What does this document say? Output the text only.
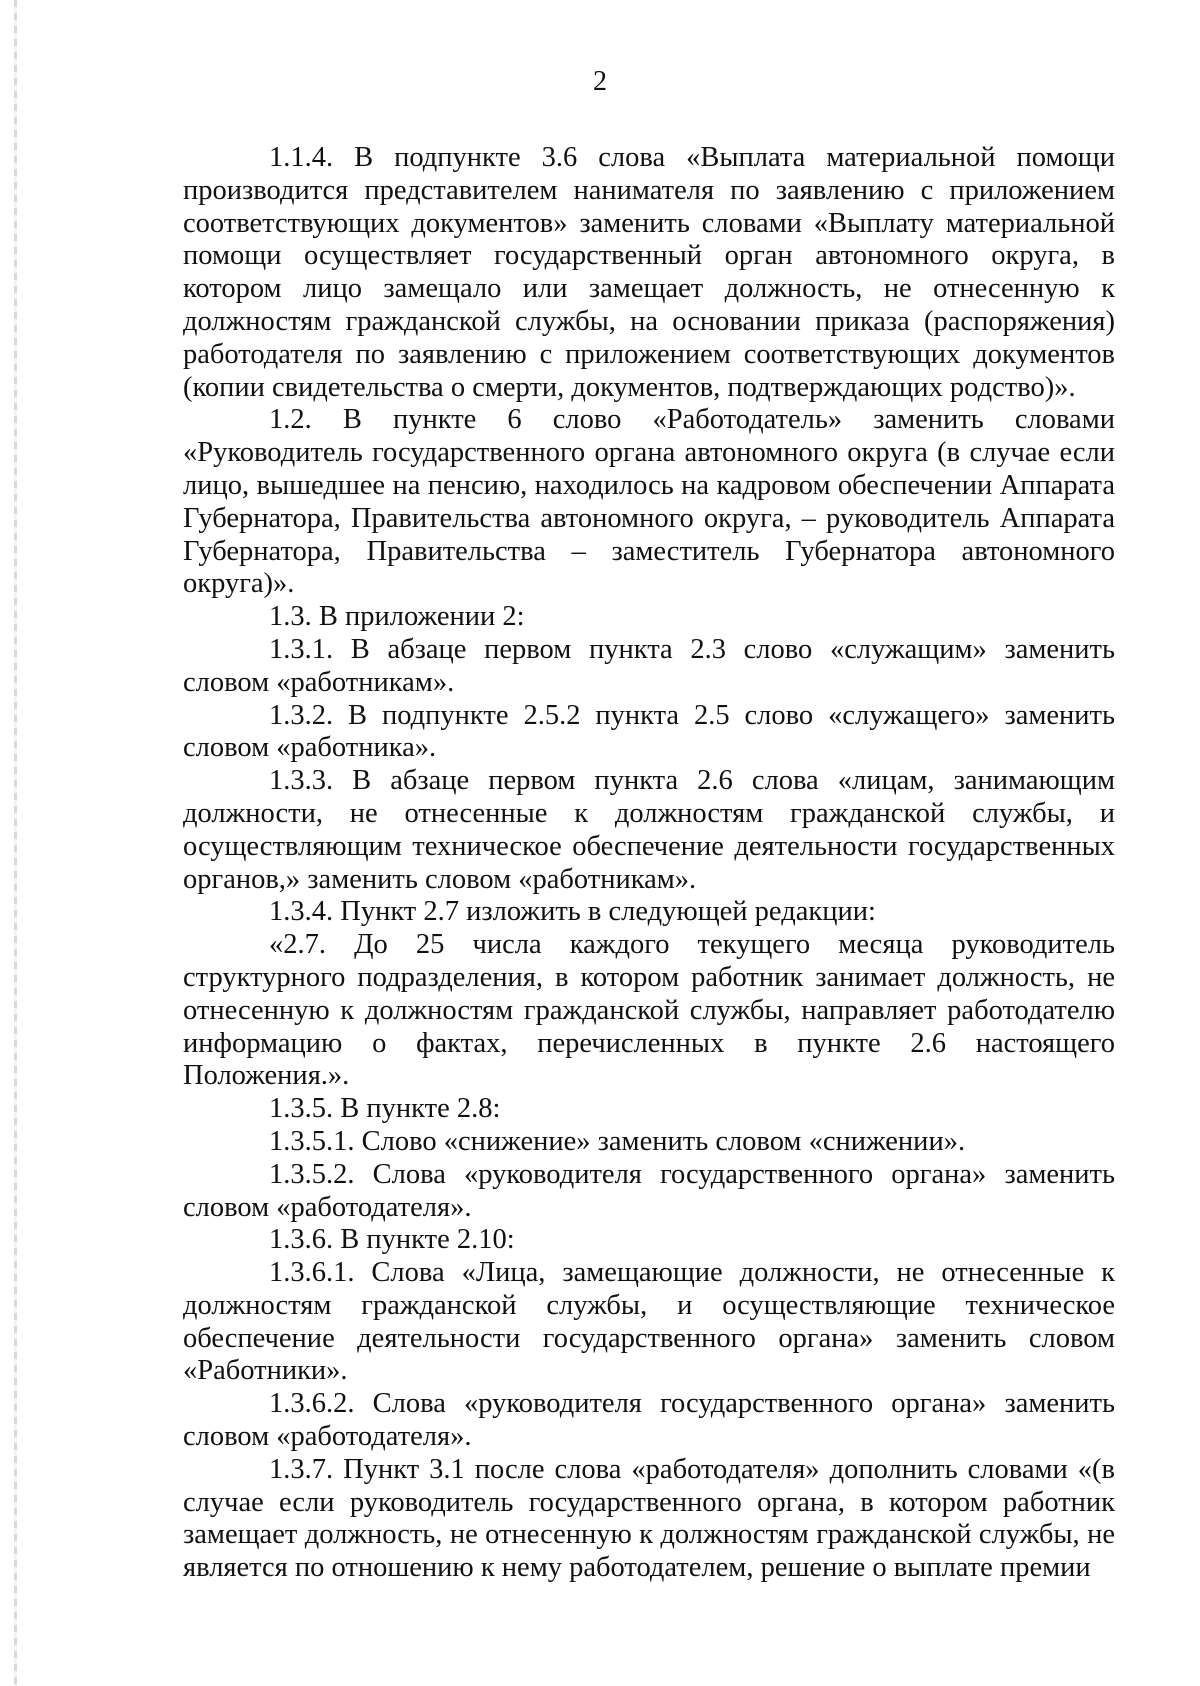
2

1.1.4. В подпункте 3.6 слова «Выплата материальной помощи производится представителем нанимателя по заявлению с приложением соответствующих документов» заменить словами «Выплату материальной помощи осуществляет государственный орган автономного округа, в котором лицо замещало или замещает должность, не отнесенную к должностям гражданской службы, на основании приказа (распоряжения) работодателя по заявлению с приложением соответствующих документов (копии свидетельства о смерти, документов, подтверждающих родство)».

1.2. В пункте 6 слово «Работодатель» заменить словами «Руководитель государственного органа автономного округа (в случае если лицо, вышедшее на пенсию, находилось на кадровом обеспечении Аппарата Губернатора, Правительства автономного округа, – руководитель Аппарата Губернатора, Правительства – заместитель Губернатора автономного округа)».

1.3. В приложении 2:

1.3.1. В абзаце первом пункта 2.3 слово «служащим» заменить словом «работникам».

1.3.2. В подпункте 2.5.2 пункта 2.5 слово «служащего» заменить словом «работника».

1.3.3. В абзаце первом пункта 2.6 слова «лицам, занимающим должности, не отнесенные к должностям гражданской службы, и осуществляющим техническое обеспечение деятельности государственных органов,» заменить словом «работникам».

1.3.4. Пункт 2.7 изложить в следующей редакции:

«2.7. До 25 числа каждого текущего месяца руководитель структурного подразделения, в котором работник занимает должность, не отнесенную к должностям гражданской службы, направляет работодателю информацию о фактах, перечисленных в пункте 2.6 настоящего Положения.».

1.3.5. В пункте 2.8:

1.3.5.1. Слово «снижение» заменить словом «снижении».

1.3.5.2. Слова «руководителя государственного органа» заменить словом «работодателя».

1.3.6. В пункте 2.10:

1.3.6.1. Слова «Лица, замещающие должности, не отнесенные к должностям гражданской службы, и осуществляющие техническое обеспечение деятельности государственного органа» заменить словом «Работники».

1.3.6.2. Слова «руководителя государственного органа» заменить словом «работодателя».

1.3.7. Пункт 3.1 после слова «работодателя» дополнить словами «(в случае если руководитель государственного органа, в котором работник замещает должность, не отнесенную к должностям гражданской службы, не является по отношению к нему работодателем, решение о выплате премии
